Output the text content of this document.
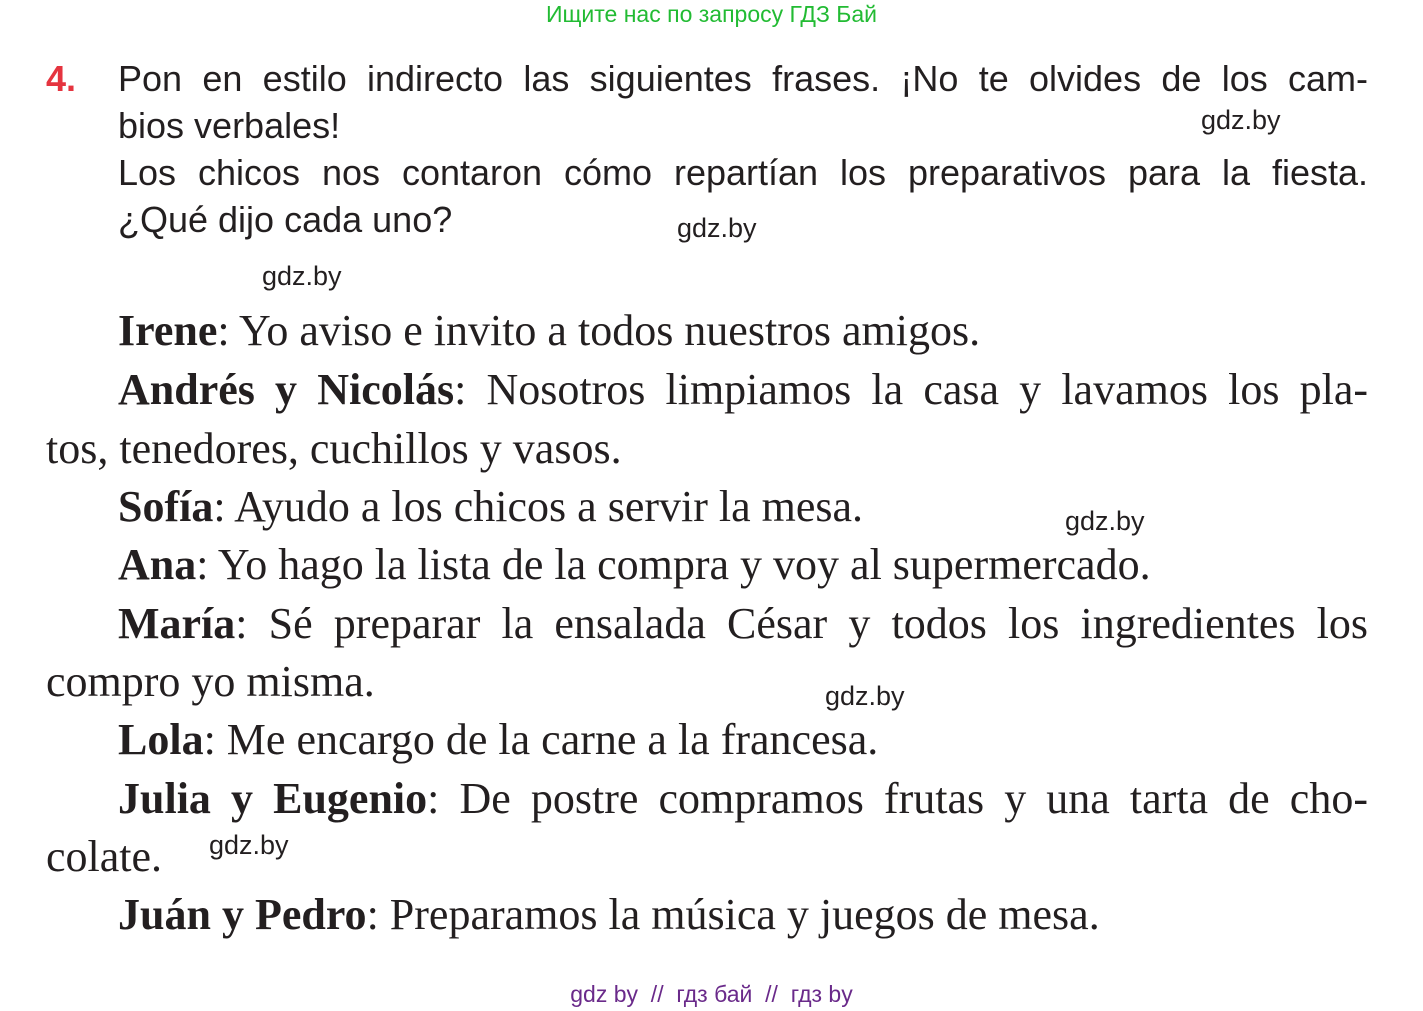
Ищите нас по запросу ГДЗ Бай
4. Pon en estilo indirecto las siguientes frases. ¡No te olvides de los cam-
bios verbales!
Los chicos nos contaron cómo repartían los preparativos para la fiesta.
¿Qué dijo cada uno?
Irene: Yo aviso e invito a todos nuestros amigos.
Andrés y Nicolás: Nosotros limpiamos la casa y lavamos los pla-
tos, tenedores, cuchillos y vasos.
Sofía: Ayudo a los chicos a servir la mesa.
Ana: Yo hago la lista de la compra y voy al supermercado.
María: Sé preparar la ensalada César y todos los ingredientes los
compro yo misma.
Lola: Me encargo de la carne a la francesa.
Julia y Eugenio: De postre compramos frutas y una tarta de cho-
colate.
Juán y Pedro: Preparamos la música y juegos de mesa.
gdz.by
gdz.by
gdz.by
gdz.by
gdz.by
gdz.by
gdz by  //  гдз бай  //  гдз by
